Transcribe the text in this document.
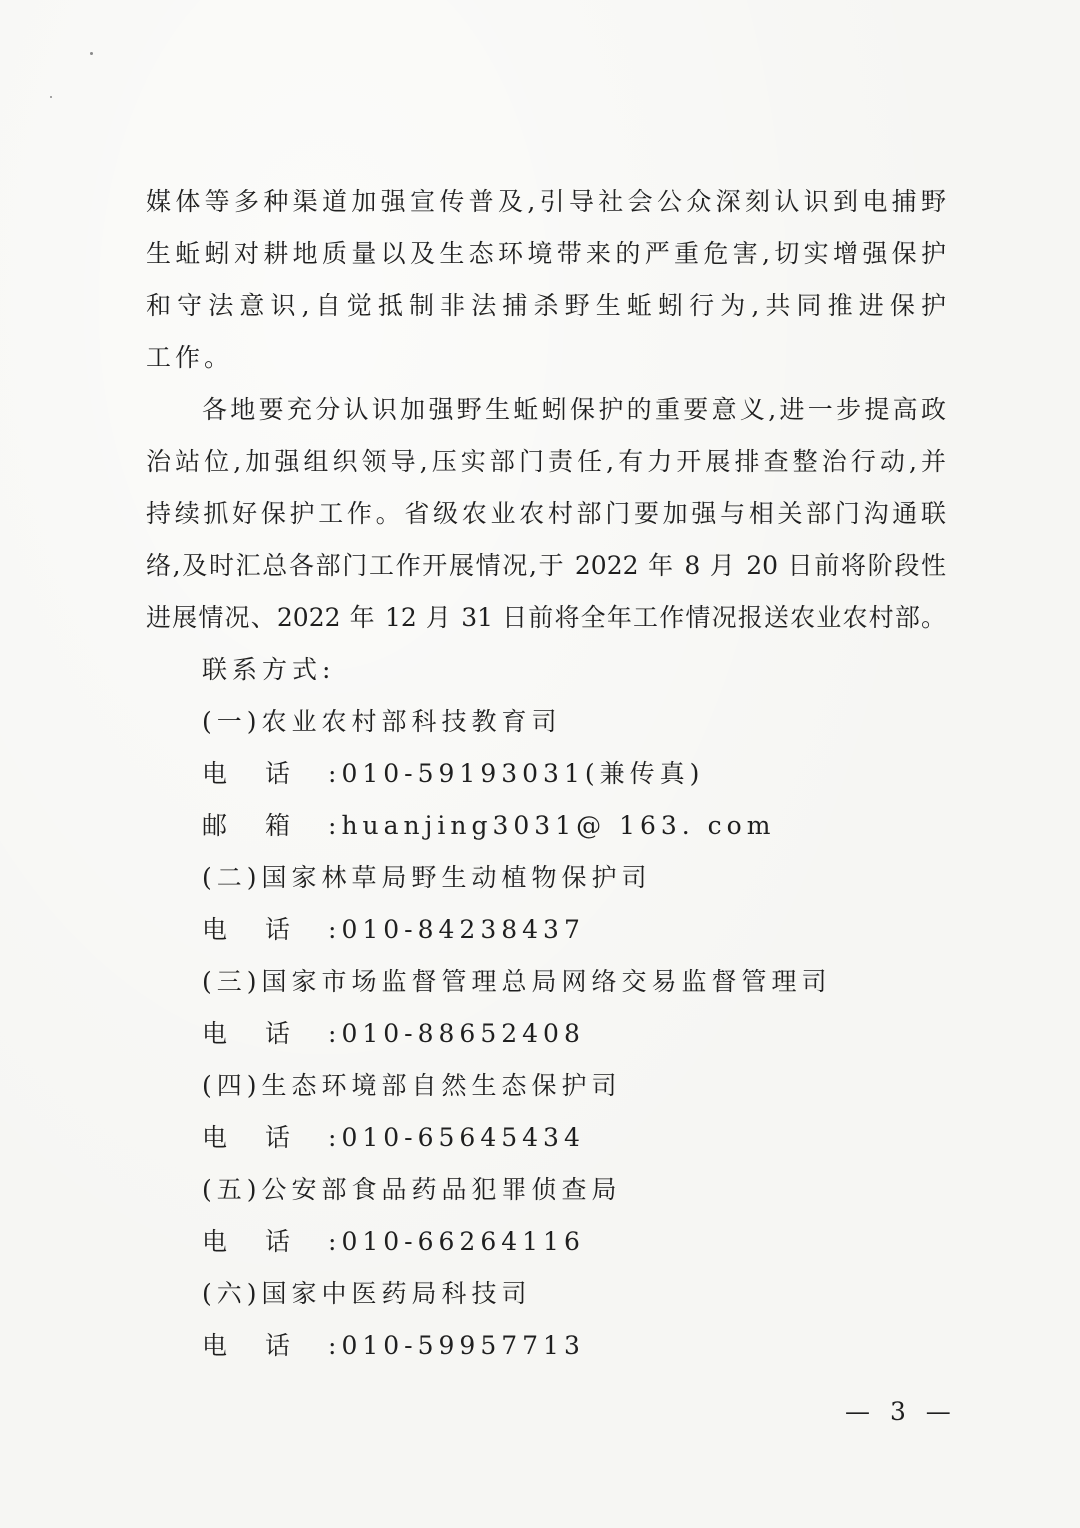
媒体等多种渠道加强宣传普及,引导社会公众深刻认识到电捕野
生蚯蚓对耕地质量以及生态环境带来的严重危害,切实增强保护
和守法意识,自觉抵制非法捕杀野生蚯蚓行为,共同推进保护
工作。
各地要充分认识加强野生蚯蚓保护的重要意义,进一步提高政
治站位,加强组织领导,压实部门责任,有力开展排查整治行动,并
持续抓好保护工作。省级农业农村部门要加强与相关部门沟通联
络,及时汇总各部门工作开展情况,于 2022 年 8 月 20 日前将阶段性
进展情况、2022 年 12 月 31 日前将全年工作情况报送农业农村部。
联系方式:
(一)农业农村部科技教育司
电话:010-59193031(兼传真)
邮箱:huanjing3031@ 163. com
(二)国家林草局野生动植物保护司
电话:010-84238437
(三)国家市场监督管理总局网络交易监督管理司
电话:010-88652408
(四)生态环境部自然生态保护司
电话:010-65645434
(五)公安部食品药品犯罪侦查局
电话:010-66264116
(六)国家中医药局科技司
电话:010-59957713
— 3 —
